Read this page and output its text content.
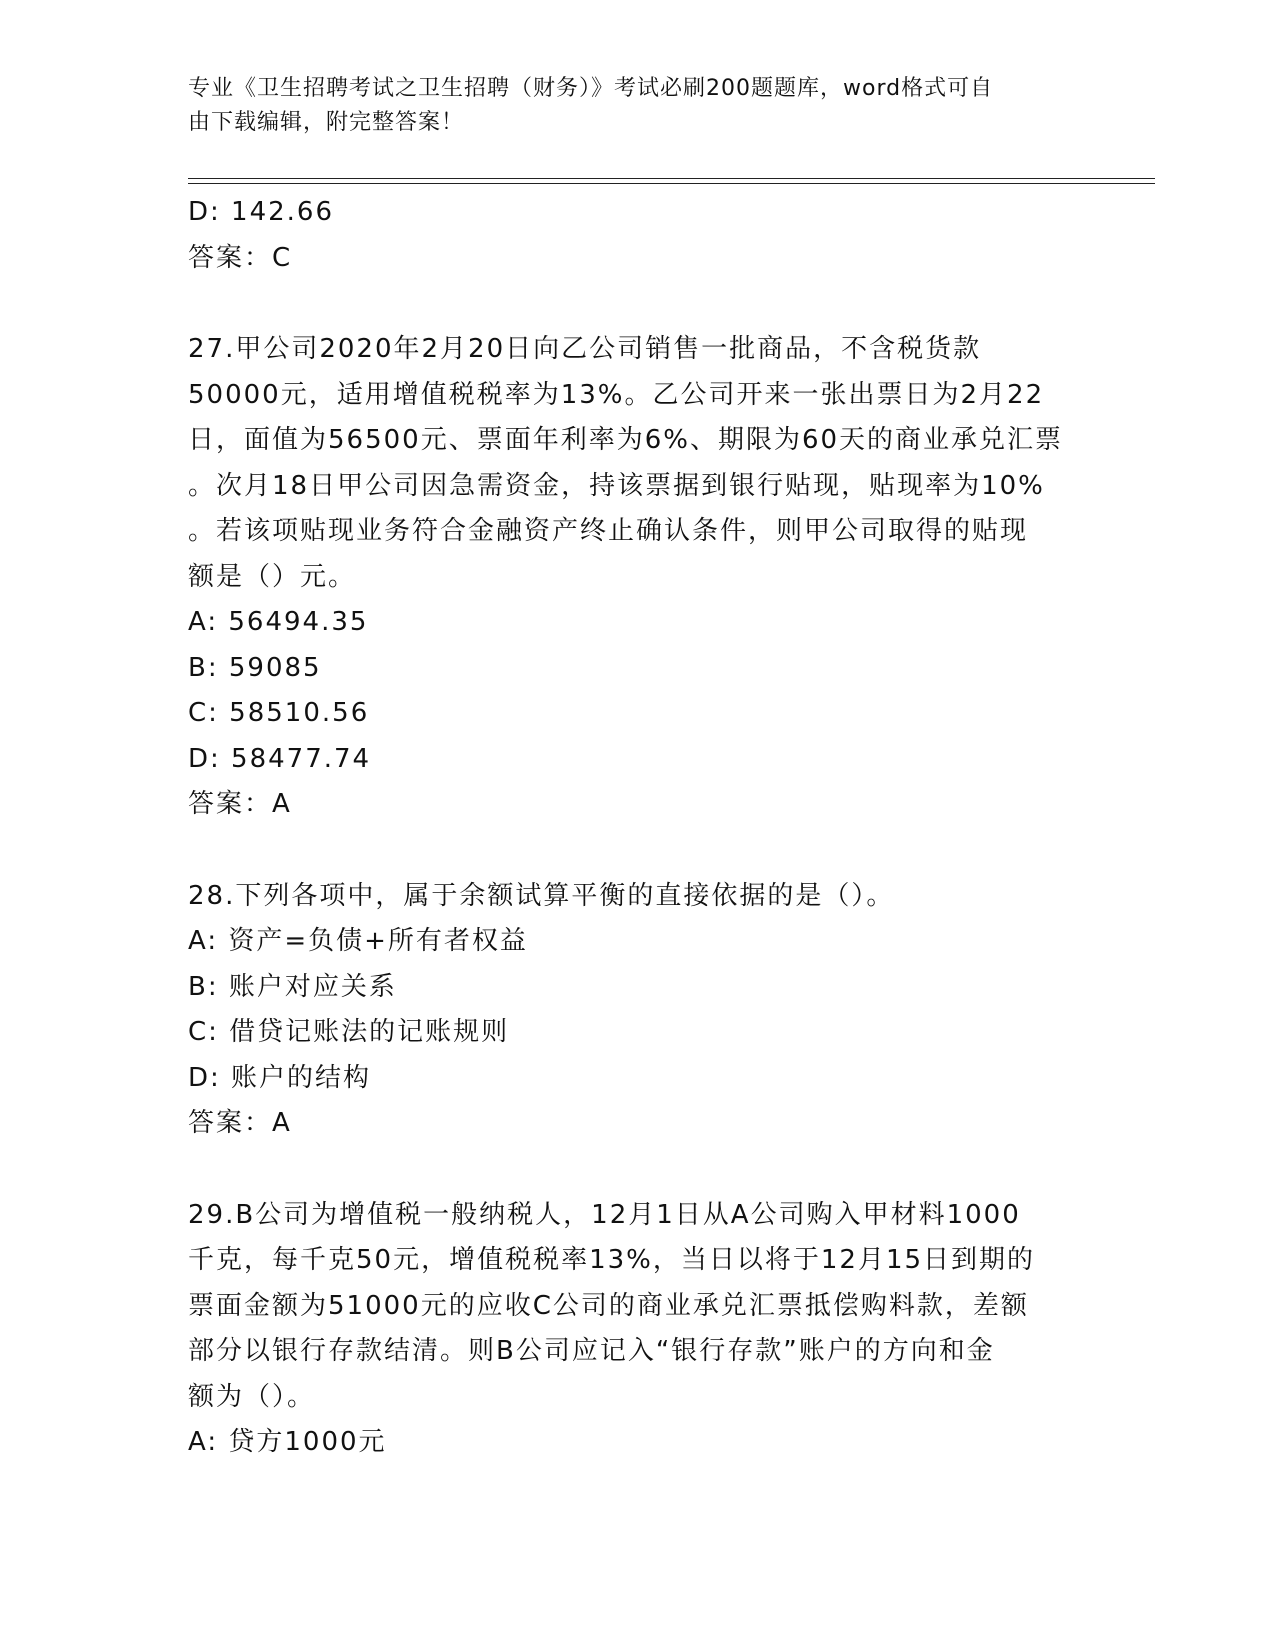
专业《卫生招聘考试之卫生招聘（财务）》考试必刷200题题库，word格式可自
由下载编辑，附完整答案！
D: 142.66
答案：C
27.甲公司2020年2月20日向乙公司销售一批商品，不含税货款
50000元，适用增值税税率为13%。乙公司开来一张出票日为2月22
日，面值为56500元、票面年利率为6%、期限为60天的商业承兑汇票
。次月18日甲公司因急需资金，持该票据到银行贴现，贴现率为10%
。若该项贴现业务符合金融资产终止确认条件，则甲公司取得的贴现
额是（）元。
A: 56494.35
B: 59085
C: 58510.56
D: 58477.74
答案：A
28.下列各项中，属于余额试算平衡的直接依据的是（）。
A: 资产=负债+所有者权益
B: 账户对应关系
C: 借贷记账法的记账规则
D: 账户的结构
答案：A
29.B公司为增值税一般纳税人，12月1日从A公司购入甲材料1000
千克，每千克50元，增值税税率13%，当日以将于12月15日到期的
票面金额为51000元的应收C公司的商业承兑汇票抵偿购料款，差额
部分以银行存款结清。则B公司应记入“银行存款”账户的方向和金
额为（）。
A: 贷方1000元
